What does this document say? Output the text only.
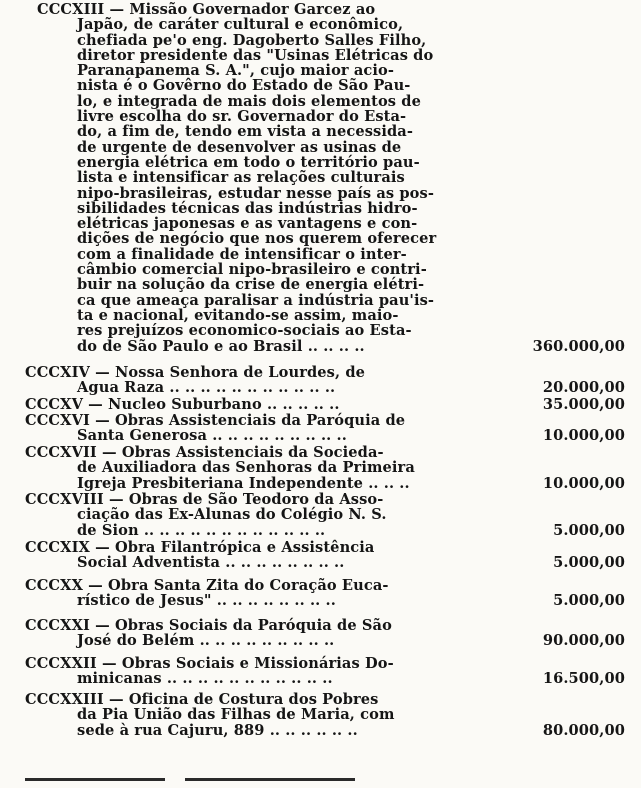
CCCXIII — Missão Governador Garcez ao
Japão, de caráter cultural e econômico,
chefiada pe'o eng. Dagoberto Salles Filho,
diretor presidente das "Usinas Elétricas do
Paranapanema S. A.", cujo maior acio-
nista é o Govêrno do Estado de São Pau-
lo, e integrada de mais dois elementos de
livre escolha do sr. Governador do Esta-
do, a fim de, tendo em vista a necessida-
de urgente de desenvolver as usinas de
energia elétrica em todo o território pau-
lista e intensificar as relações culturais
nipo-brasileiras, estudar nesse país as pos-
sibilidades técnicas das indústrias hidro-
elétricas japonesas e as vantagens e con-
dições de negócio que nos querem oferecer
com a finalidade de intensificar o inter-
câmbio comercial nipo-brasileiro e contri-
buir na solução da crise de energia elétri-
ca que ameaça paralisar a indústria pau'is-
ta e nacional, evitando-se assim, maio-
res prejuízos economico-sociais ao Esta-
do de São Paulo e ao Brasil .. .. .. ..	360.000,00
CCCXIV — Nossa Senhora de Lourdes, de
Agua Raza .. .. .. .. .. .. .. .. .. .. ..	20.000,00
CCCXV — Nucleo Suburbano .. .. .. .. ..	35.000,00
CCCXVI — Obras Assistenciais da Paróquia de
Santa Generosa .. .. .. .. .. .. .. .. ..	10.000,00
CCCXVII — Obras Assistenciais da Socieda-
de Auxiliadora das Senhoras da Primeira
Igreja Presbiteriana Independente .. .. ..	10.000,00
CCCXVIII — Obras de São Teodoro da Asso-
ciação das Ex-Alunas do Colégio N. S.
de Sion .. .. .. .. .. .. .. .. .. .. .. ..	5.000,00
CCCXIX — Obra Filantrópica e Assistência
Social Adventista .. .. .. .. .. .. .. ..	5.000,00
CCCXX — Obra Santa Zita do Coração Euca-
rístico de Jesus" .. .. .. .. .. .. .. ..	5.000,00
CCCXXI — Obras Sociais da Paróquia de São
José do Belém .. .. .. .. .. .. .. .. ..	90.000,00
CCCXXII — Obras Sociais e Missionárias Do-
minicanas .. .. .. .. .. .. .. .. .. .. ..	16.500,00
CCCXXIII — Oficina de Costura dos Pobres
da Pia União das Filhas de Maria, com
sede à rua Cajuru, 889 .. .. .. .. .. ..	80.000,00
